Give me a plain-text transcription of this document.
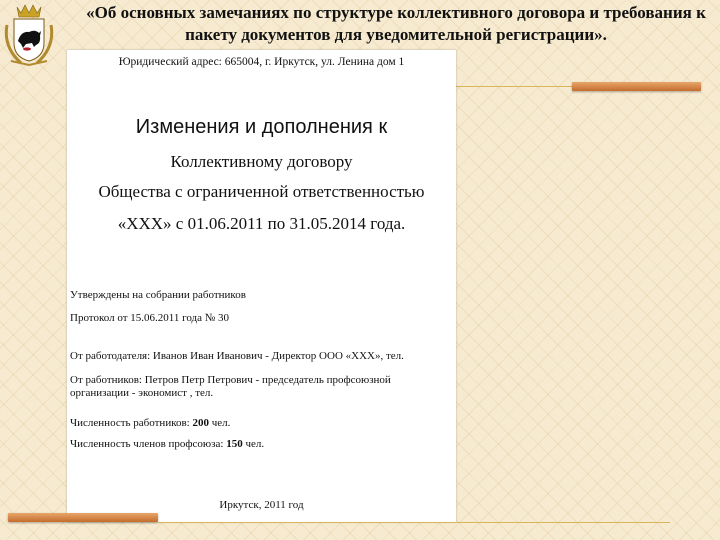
«Об основных замечаниях по структуре коллективного договора и требования к пакету документов для уведомительной регистрации».
Юридический адрес: 665004, г. Иркутск, ул. Ленина дом 1
Изменения и дополнения к
Коллективному договору
Общества с ограниченной ответственностью
«ХХХ» с 01.06.2011 по 31.05.2014 года.
Утверждены на собрании работников
Протокол от 15.06.2011 года № 30
От работодателя: Иванов Иван Иванович - Директор ООО «ХХХ», тел.
От работников: Петров Петр Петрович - председатель профсоюзной
организации - экономист , тел.
Численность работников: 200 чел.
Численность членов профсоюза: 150 чел.
Иркутск, 2011 год
